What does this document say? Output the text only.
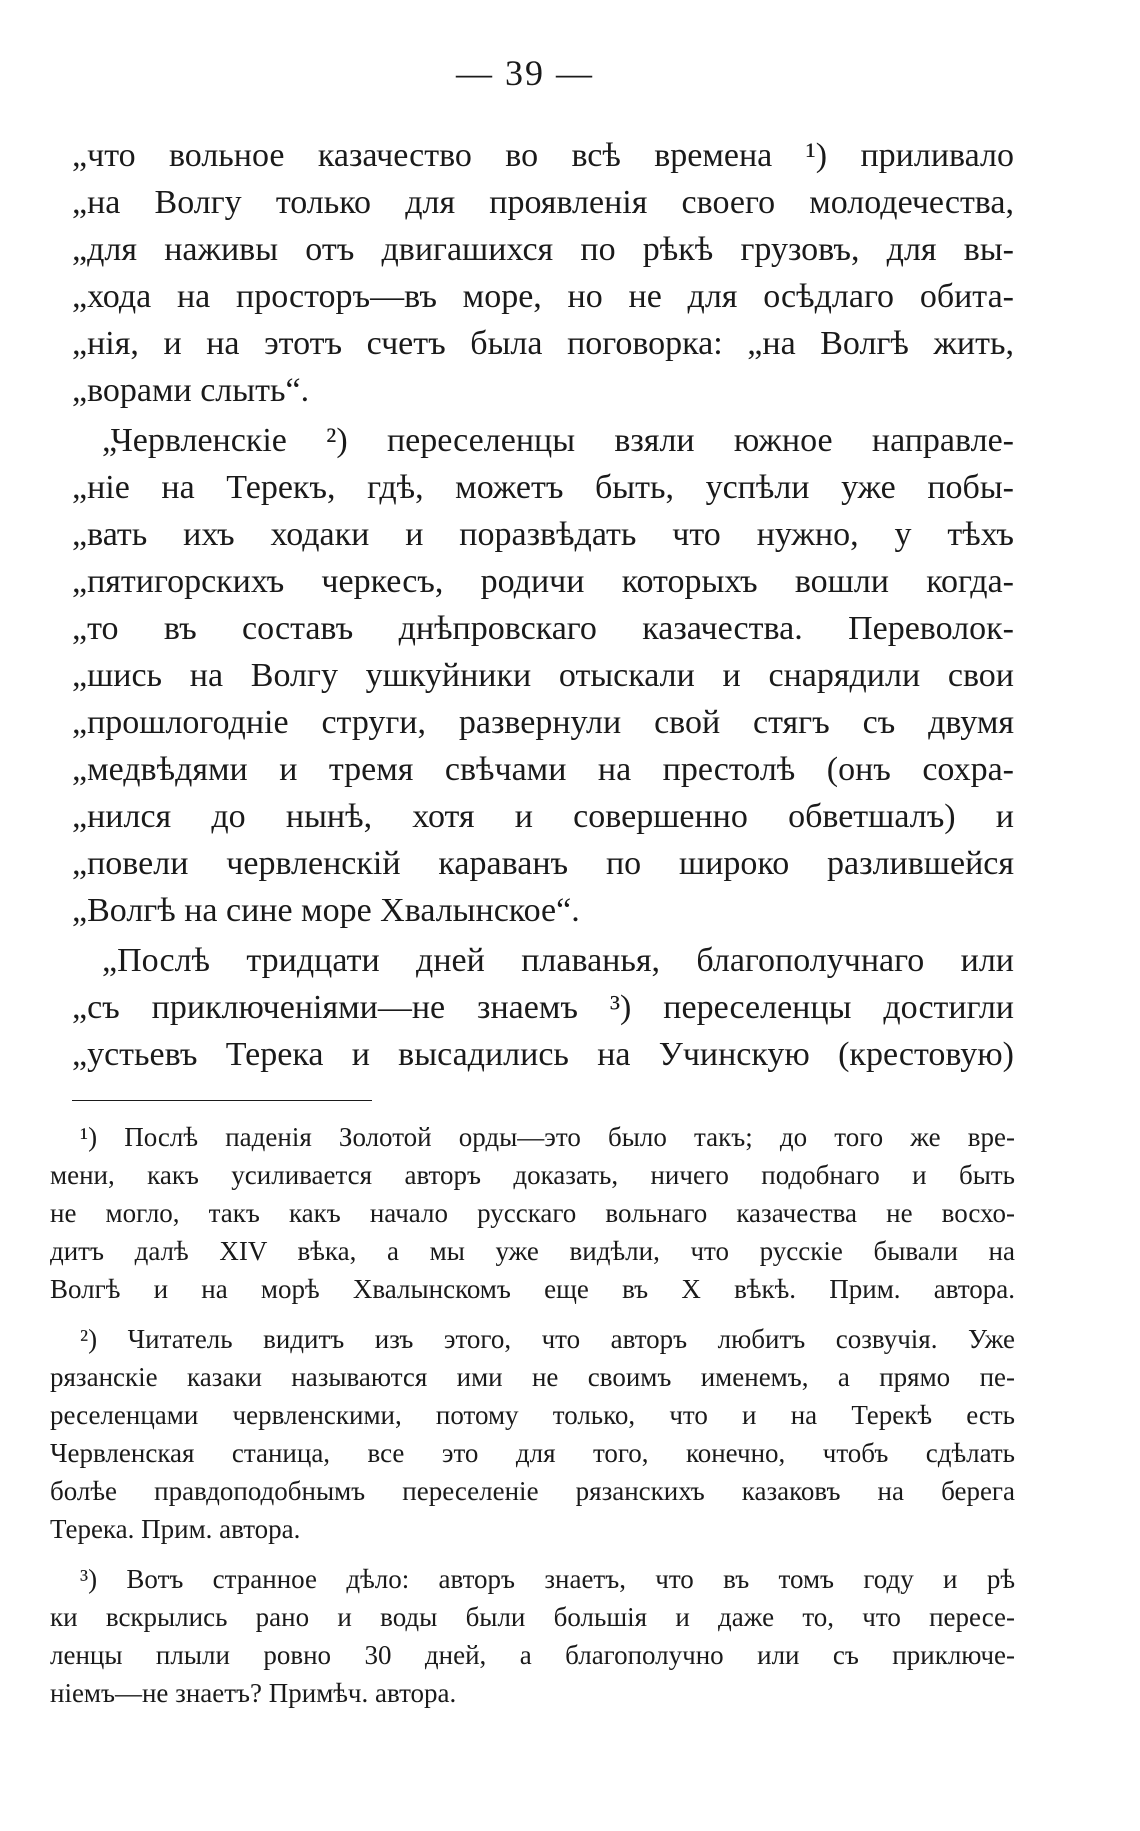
— 39 —
„что вольное казачество во всѣ времена ¹) приливало
„на Волгу только для проявленія своего молодечества,
„для наживы отъ двигашихся по рѣкѣ грузовъ, для вы-
„хода на просторъ—въ море, но не для осѣдлаго обита-
„нія, и на этотъ счетъ была поговорка: „на Волгѣ жить,
„ворами слыть“.
„Червленскіе ²) переселенцы взяли южное направле-
„ніе на Терекъ, гдѣ, можетъ быть, успѣли уже побы-
„вать ихъ ходаки и поразвѣдать что нужно, у тѣхъ
„пятигорскихъ черкесъ, родичи которыхъ вошли когда-
„то въ составъ днѣпровскаго казачества. Переволок-
„шись на Волгу ушкуйники отыскали и снарядили свои
„прошлогодніе струги, развернули свой стягъ съ двумя
„медвѣдями и тремя свѣчами на престолѣ (онъ сохра-
„нился до нынѣ, хотя и совершенно обветшалъ) и
„повели червленскій караванъ по широко разлившейся
„Волгѣ на сине море Хвалынское“.
„Послѣ тридцати дней плаванья, благополучнаго или
„съ приключеніями—не знаемъ ³) переселенцы достигли
„устьевъ Терека и высадились на Учинскую (крестовую)
¹) Послѣ паденія Золотой орды—это было такъ; до того же вре-
мени, какъ усиливается авторъ доказать, ничего подобнаго и быть
не могло, такъ какъ начало русскаго вольнаго казачества не восхо-
дитъ далѣ XIV вѣка, а мы уже видѣли, что русскіе бывали на
Волгѣ и на морѣ Хвалынскомъ еще въ X вѣкѣ. Прим. автора.
²) Читатель видитъ изъ этого, что авторъ любитъ созвучія. Уже
рязанскіе казаки называются ими не своимъ именемъ, а прямо пе-
реселенцами червленскими, потому только, что и на Терекѣ есть
Червленская станица, все это для того, конечно, чтобъ сдѣлать
болѣе правдоподобнымъ переселеніе рязанскихъ казаковъ на берега
Терека. Прим. автора.
³) Вотъ странное дѣло: авторъ знаетъ, что въ томъ году и рѣ
ки вскрылись рано и воды были большія и даже то, что пересе-
ленцы плыли ровно 30 дней, а благополучно или съ приключе-
ніемъ—не знаетъ? Примѣч. автора.
